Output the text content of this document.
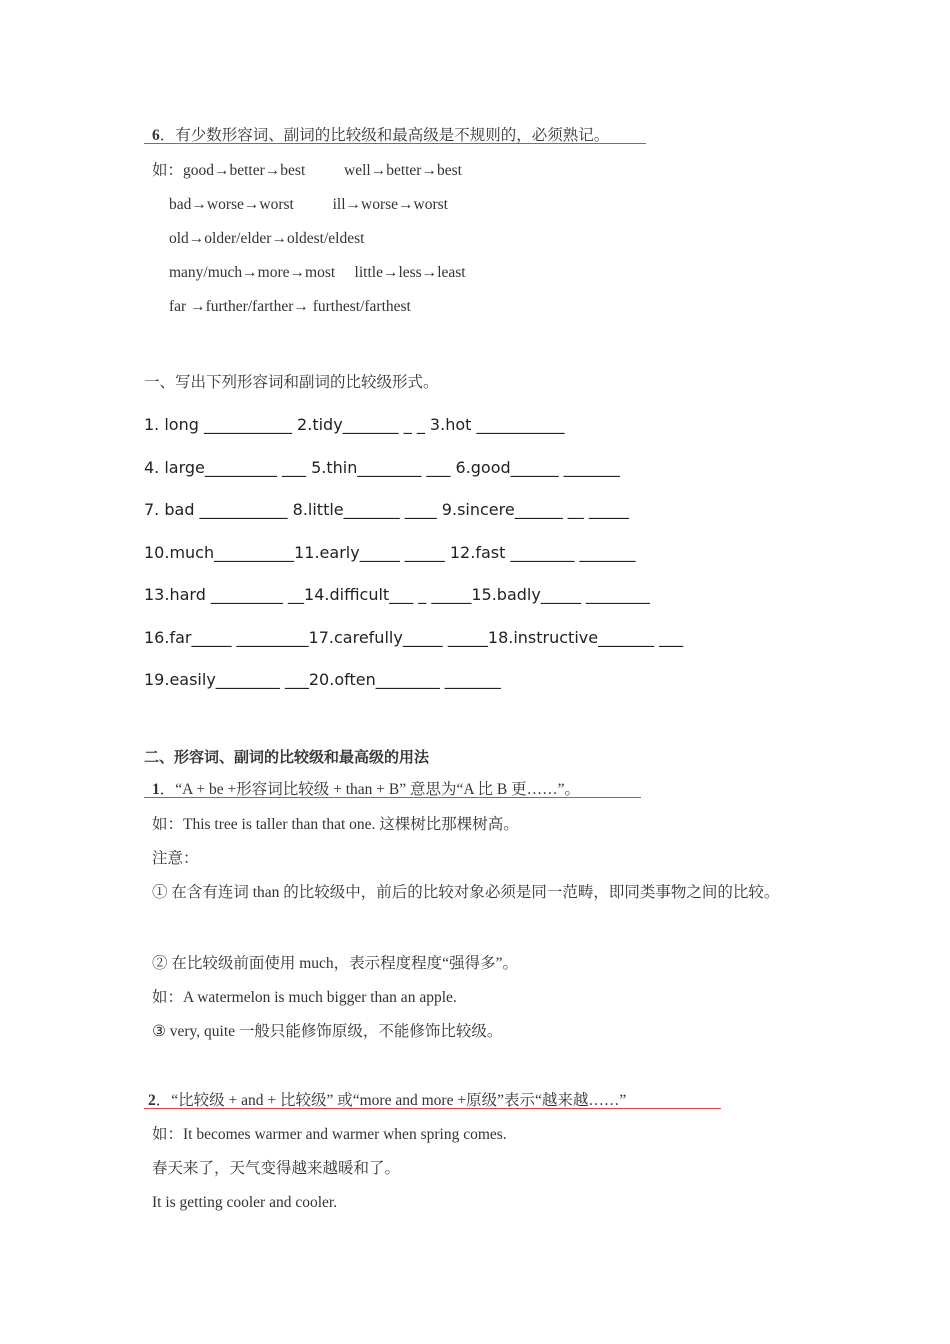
6．有少数形容词、副词的比较级和最高级是不规则的，必须熟记。
如：good→better→best          well→better→best
bad→worse→worst          ill→worse→worst
old→older/elder→oldest/eldest
many/much→more→most     little→less→least
far →further/farther→ furthest/farthest
一、写出下列形容词和副词的比较级形式。
1. long ___________ 2.tidy_______ _ _ 3.hot ___________
4. large_________ ___ 5.thin________ ___ 6.good______ _______
7. bad ___________ 8.little_______ ____ 9.sincere______ __ _____
10.much__________11.early_____ _____ 12.fast ________ _______
13.hard _________ __14.difficult___ _ _____15.badly_____ ________
16.far_____ _________17.carefully_____ _____18.instructive_______ ___
19.easily________ ___20.often________ _______
二、形容词、副词的比较级和最高级的用法
1．“A + be +形容词比较级 + than + B” 意思为“A 比 B 更……”。
如：This tree is taller than that one. 这棵树比那棵树高。
注意：
① 在含有连词 than 的比较级中，前后的比较对象必须是同一范畴，即同类事物之间的比较。
② 在比较级前面使用 much，表示程度程度“强得多”。
如：A watermelon is much bigger than an apple.
③ very, quite 一般只能修饰原级，不能修饰比较级。
2．“比较级 + and + 比较级” 或“more and more +原级”表示“越来越……”
如：It becomes warmer and warmer when spring comes.
春天来了，天气变得越来越暖和了。
It is getting cooler and cooler.
